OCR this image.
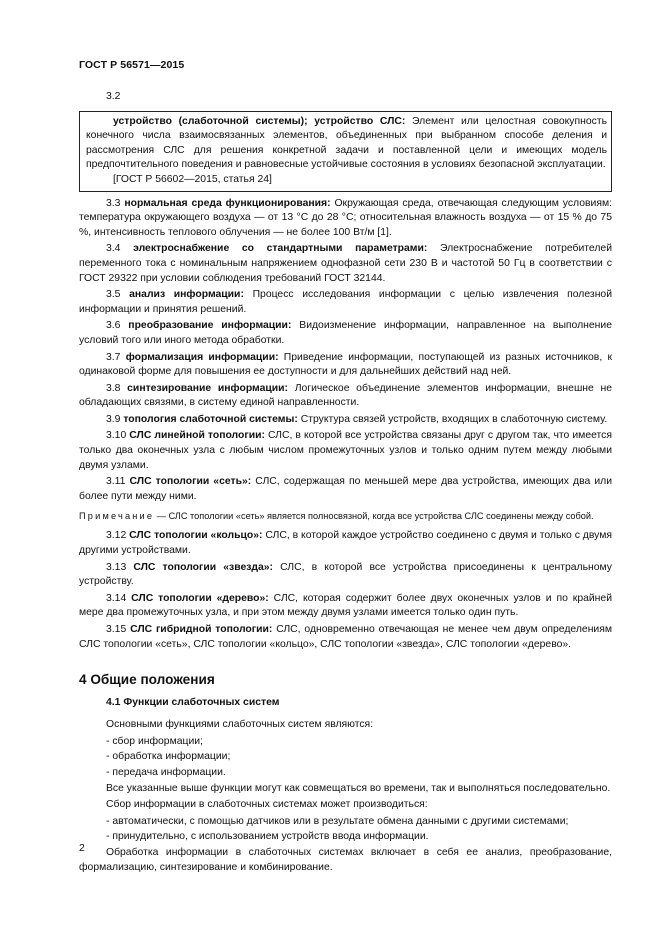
ГОСТ Р 56571—2015
3.2

устройство (слаботочной системы); устройство СЛС: Элемент или целостная совокупность конечного числа взаимосвязанных элементов, объединенных при выбранном способе деления и рассмотрения СЛС для решения конкретной задачи и поставленной цели и имеющих модель предпочтительного поведения и равновесные устойчивые состояния в условиях безопасной эксплуатации.

[ГОСТ Р 56602—2015, статья 24]

3.3 нормальная среда функционирования: Окружающая среда, отвечающая следующим условиям: температура окружающего воздуха — от 13 °С до 28 °С; относительная влажность воздуха — от 15 % до 75 %, интенсивность теплового облучения — не более 100 Вт/м [1].

3.4 электроснабжение со стандартными параметрами: Электроснабжение потребителей переменного тока с номинальным напряжением однофазной сети 230 В и частотой 50 Гц в соответствии с ГОСТ 29322 при условии соблюдения требований ГОСТ 32144.

3.5 анализ информации: Процесс исследования информации с целью извлечения полезной информации и принятия решений.

3.6 преобразование информации: Видоизменение информации, направленное на выполнение условий того или иного метода обработки.

3.7 формализация информации: Приведение информации, поступающей из разных источников, к одинаковой форме для повышения ее доступности и для дальнейших действий над ней.

3.8 синтезирование информации: Логическое объединение элементов информации, внешне не обладающих связями, в систему единой направленности.

3.9 топология слаботочной системы: Структура связей устройств, входящих в слаботочную систему.

3.10 СЛС линейной топологии: СЛС, в которой все устройства связаны друг с другом так, что имеется только два оконечных узла с любым числом промежуточных узлов и только одним путем между любыми двумя узлами.

3.11 СЛС топологии «сеть»: СЛС, содержащая по меньшей мере два устройства, имеющих два или более пути между ними.

Примечание — СЛС топологии «сеть» является полносвязной, когда все устройства СЛС соединены между собой.

3.12 СЛС топологии «кольцо»: СЛС, в которой каждое устройство соединено с двумя и только с двумя другими устройствами.

3.13 СЛС топологии «звезда»: СЛС, в которой все устройства присоединены к центральному устройству.

3.14 СЛС топологии «дерево»: СЛС, которая содержит более двух оконечных узлов и по крайней мере два промежуточных узла, и при этом между двумя узлами имеется только один путь.

3.15 СЛС гибридной топологии: СЛС, одновременно отвечающая не менее чем двум определениям СЛС топологии «сеть», СЛС топологии «кольцо», СЛС топологии «звезда», СЛС топологии «дерево».

4 Общие положения
4.1 Функции слаботочных систем

Основными функциями слаботочных систем являются:

- сбор информации;
- обработка информации;
- передача информации.

Все указанные выше функции могут как совмещаться во времени, так и выполняться последовательно.

Сбор информации в слаботочных системах может производиться:

- автоматически, с помощью датчиков или в результате обмена данными с другими системами;
- принудительно, с использованием устройств ввода информации.

Обработка информации в слаботочных системах включает в себя ее анализ, преобразование, формализацию, синтезирование и комбинирование.

2
